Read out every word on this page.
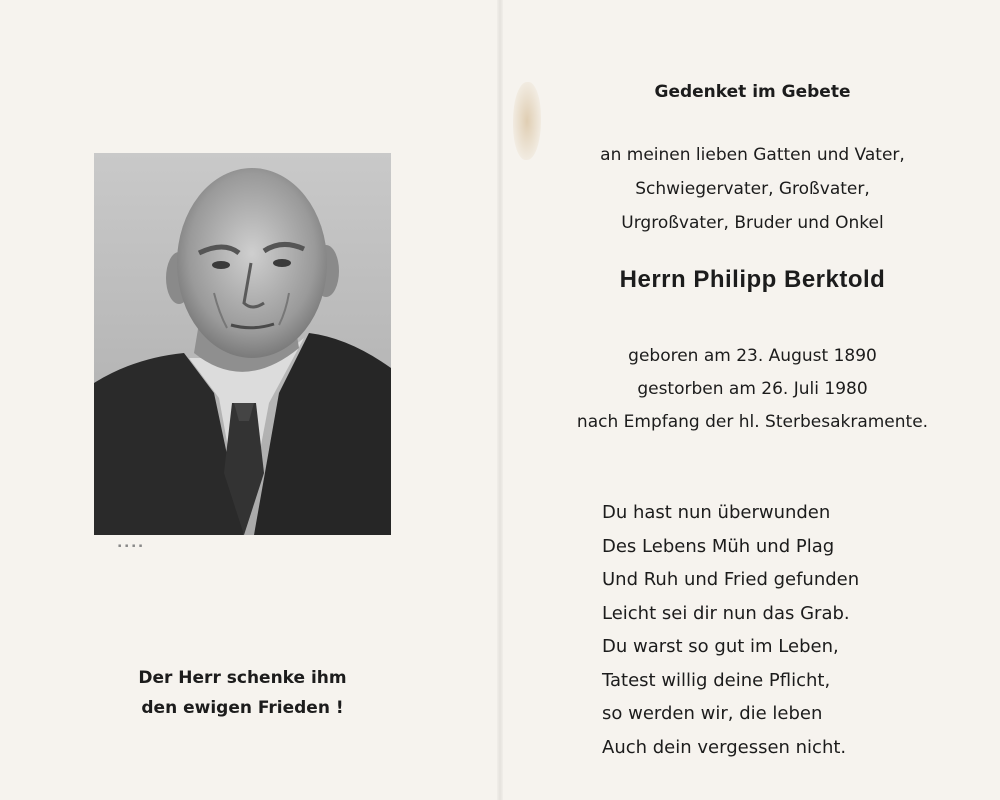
▪ ▪ ▪ ▪
Der Herr schenke ihm
den ewigen Frieden !
Gedenket im Gebete
an meinen lieben Gatten und Vater,
Schwiegervater, Großvater,
Urgroßvater, Bruder und Onkel
Herrn Philipp Berktold
geboren am 23. August 1890
gestorben am 26. Juli 1980
nach Empfang der hl. Sterbesakramente.
Du hast nun überwunden
Des Lebens Müh und Plag
Und Ruh und Fried gefunden
Leicht sei dir nun das Grab.
Du warst so gut im Leben,
Tatest willig deine Pflicht,
so werden wir, die leben
Auch dein vergessen nicht.
